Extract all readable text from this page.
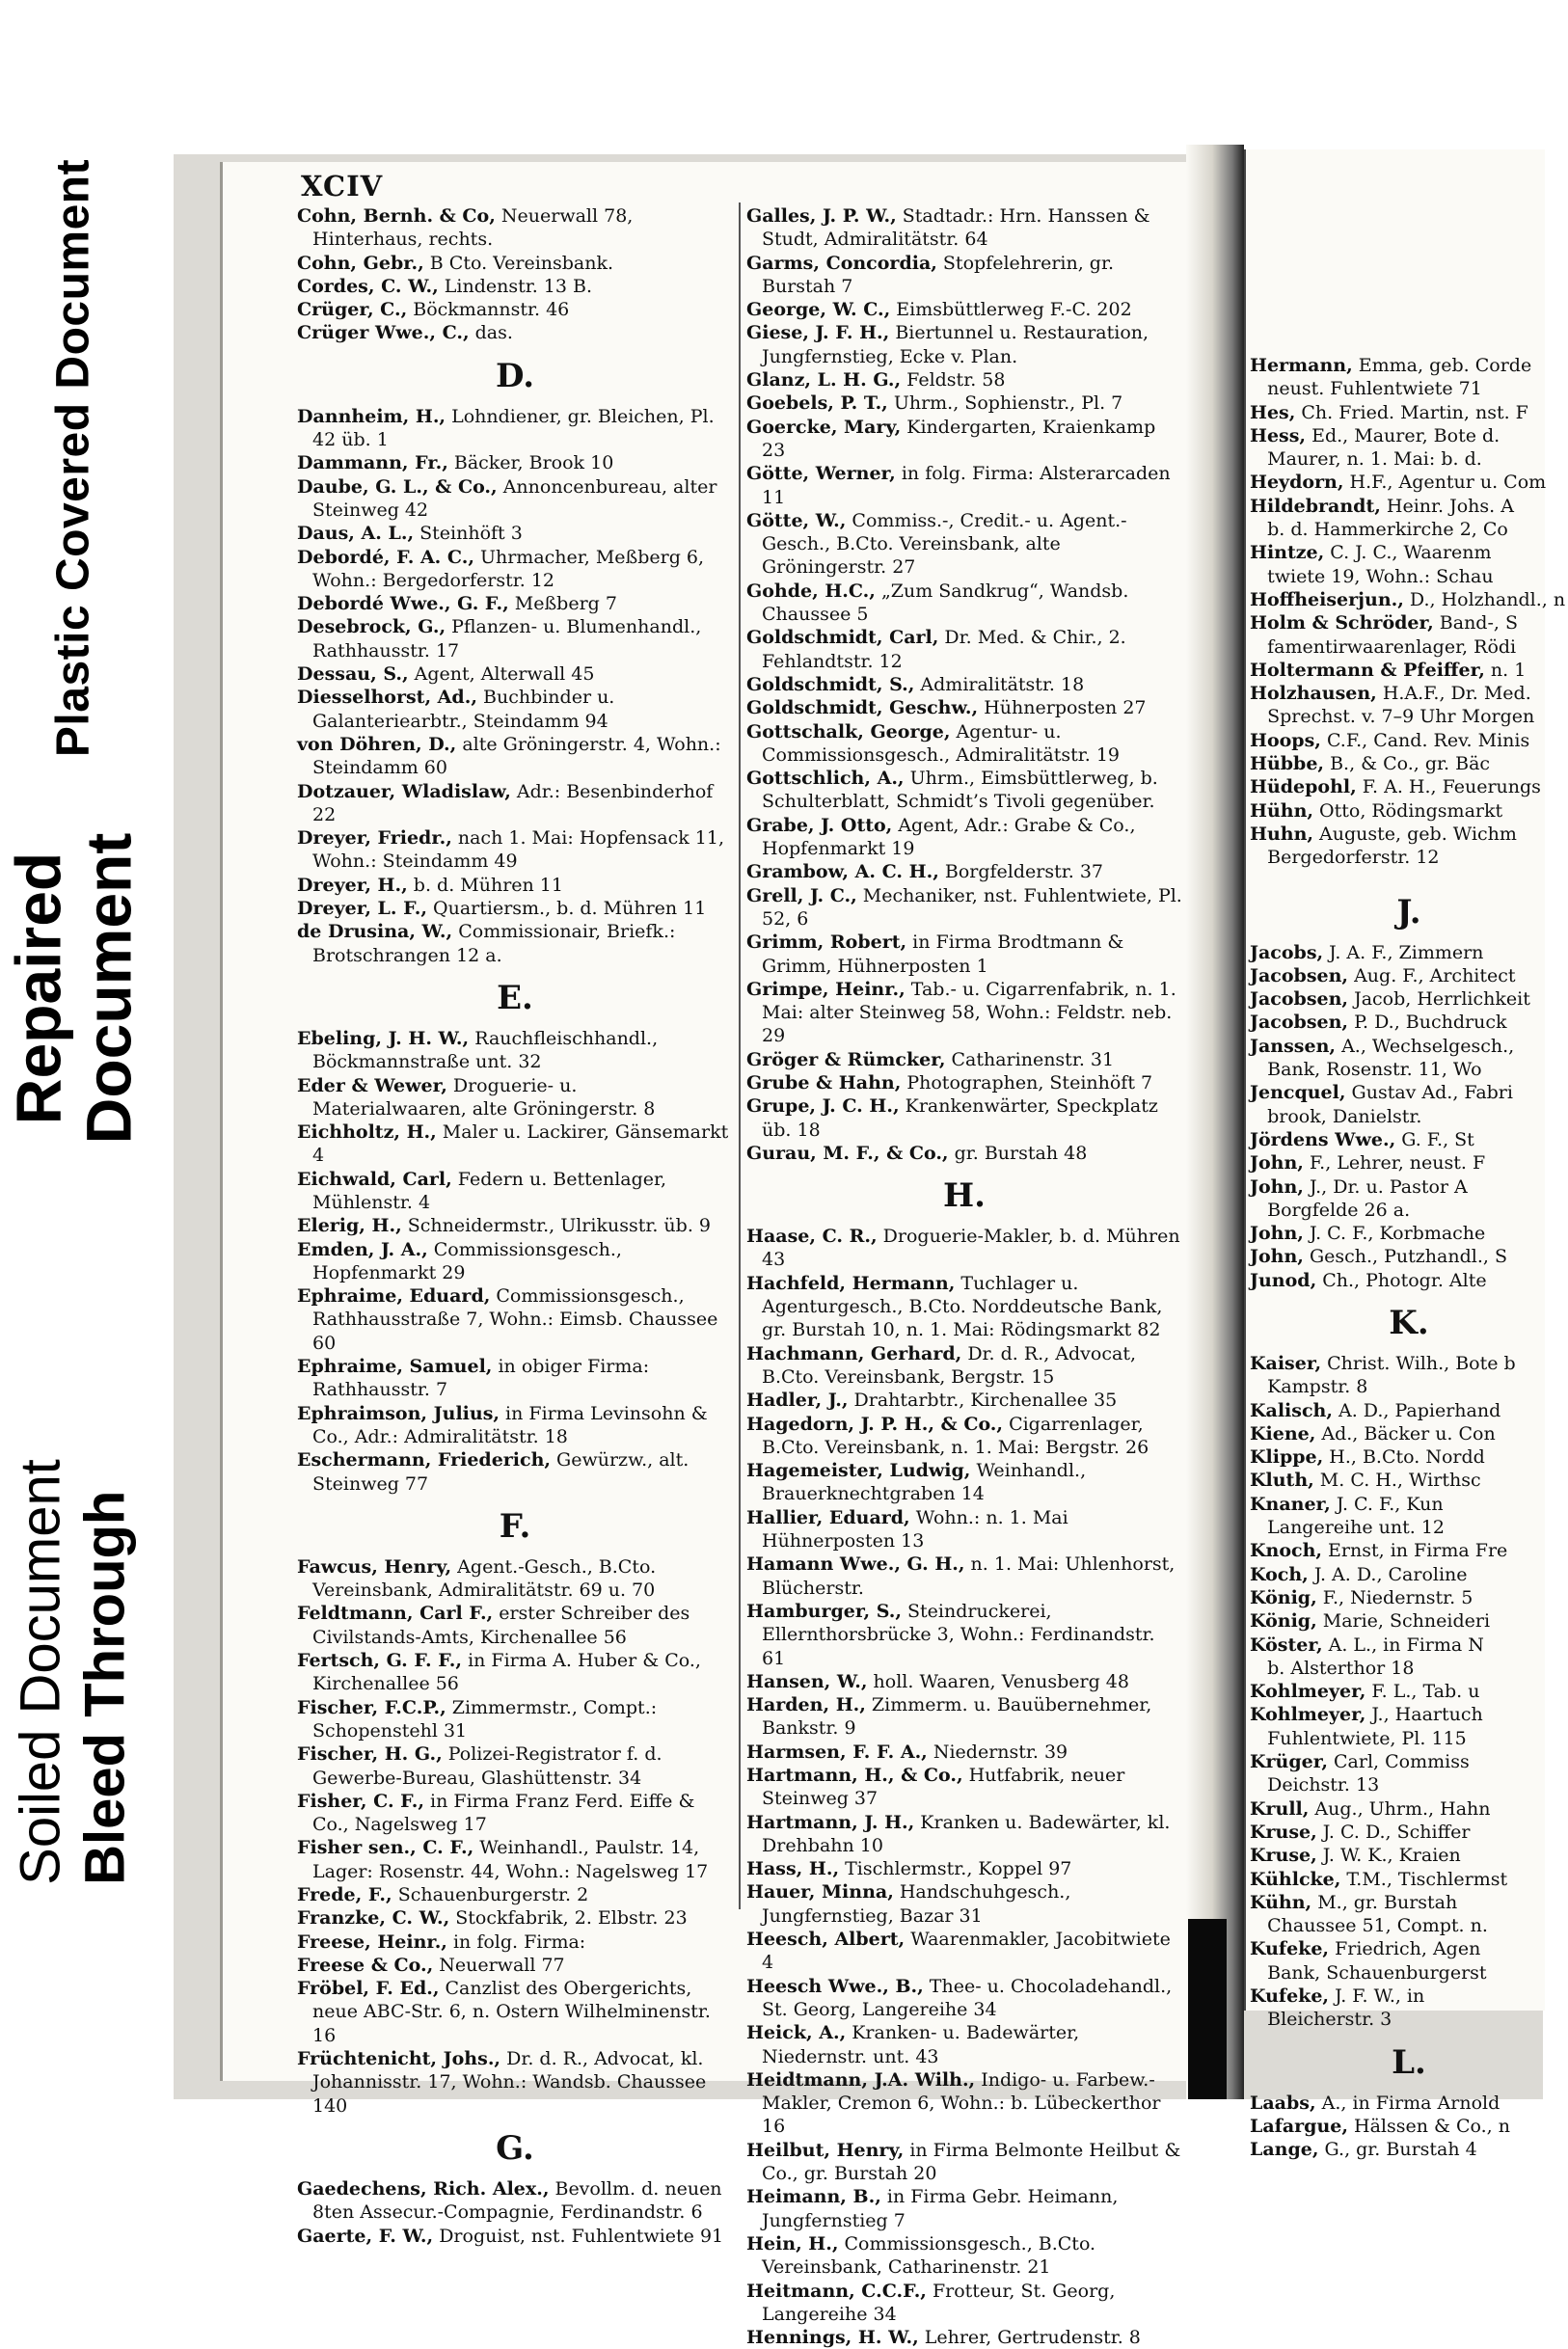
Plastic Covered Document
Repaired
Document
Soiled Document Bleed Through
Hermann, Emma, geb. Corde
neust. Fuhlentwiete 71
Hes, Ch. Fried. Martin, nst. F
Hess, Ed., Maurer, Bote d.
Maurer, n. 1. Mai: b. d.
Heydorn, H.F., Agentur u. Com
Hildebrandt, Heinr. Johs. A
b. d. Hammerkirche 2, Co
Hintze, C. J. C., Waarenm
twiete 19, Wohn.: Schau
Hoffheiserjun., D., Holzhandl., n
Holm & Schröder, Band-, S
famentirwaarenlager, Rödi
Holtermann & Pfeiffer, n. 1
Holzhausen, H.A.F., Dr. Med.
Sprechst. v. 7–9 Uhr Morgen
Hoops, C.F., Cand. Rev. Minis
Hübbe, B., & Co., gr. Bäc
Hüdepohl, F. A. H., Feuerungs
Hühn, Otto, Rödingsmarkt
Huhn, Auguste, geb. Wichm
Bergedorferstr. 12
J.
Jacobs, J. A. F., Zimmern
Jacobsen, Aug. F., Architect
Jacobsen, Jacob, Herrlichkeit
Jacobsen, P. D., Buchdruck
Janssen, A., Wechselgesch.,
Bank, Rosenstr. 11, Wo
Jencquel, Gustav Ad., Fabri
brook, Danielstr.
Jördens Wwe., G. F., St
John, F., Lehrer, neust. F
John, J., Dr. u. Pastor A
Borgfelde 26 a.
John, J. C. F., Korbmache
John, Gesch., Putzhandl., S
Junod, Ch., Photogr. Alte
K.
Kaiser, Christ. Wilh., Bote b
Kampstr. 8
Kalisch, A. D., Papierhand
Kiene, Ad., Bäcker u. Con
Klippe, H., B.Cto. Nordd
Kluth, M. C. H., Wirthsc
Knaner, J. C. F., Kun
Langereihe unt. 12
Knoch, Ernst, in Firma Fre
Koch, J. A. D., Caroline
König, F., Niedernstr. 5
König, Marie, Schneideri
Köster, A. L., in Firma N
b. Alsterthor 18
Kohlmeyer, F. L., Tab. u
Kohlmeyer, J., Haartuch
Fuhlentwiete, Pl. 115
Krüger, Carl, Commiss
Deichstr. 13
Krull, Aug., Uhrm., Hahn
Kruse, J. C. D., Schiffer
Kruse, J. W. K., Kraien
Kühlcke, T.M., Tischlermst
Kühn, M., gr. Burstah
Chaussee 51, Compt. n.
Kufeke, Friedrich, Agen
Bank, Schauenburgerst
Kufeke, J. F. W., in
Bleicherstr. 3
L.
Laabs, A., in Firma Arnold
Lafargue, Hälssen & Co., n
Lange, G., gr. Burstah 4
XCIV

Cohn, Bernh. & Co, Neuerwall 78, Hinterhaus, rechts.

Cohn, Gebr., B Cto. Vereinsbank.

Cordes, C. W., Lindenstr. 13 B.

Crüger, C., Böckmannstr. 46

Crüger Wwe., C., das.

D.

Dannheim, H., Lohndiener, gr. Bleichen, Pl. 42 üb. 1

Dammann, Fr., Bäcker, Brook 10

Daube, G. L., & Co., Annoncenbureau, alter Steinweg 42

Daus, A. L., Steinhöft 3

Debordé, F. A. C., Uhrmacher, Meßberg 6, Wohn.: Bergedorferstr. 12

Debordé Wwe., G. F., Meßberg 7

Desebrock, G., Pflanzen- u. Blumenhandl., Rathhausstr. 17

Dessau, S., Agent, Alterwall 45

Diesselhorst, Ad., Buchbinder u. Galanteriearbtr., Steindamm 94

von Döhren, D., alte Gröningerstr. 4, Wohn.: Steindamm 60

Dotzauer, Wladislaw, Adr.: Besenbinderhof 22

Dreyer, Friedr., nach 1. Mai: Hopfensack 11, Wohn.: Steindamm 49

Dreyer, H., b. d. Mühren 11

Dreyer, L. F., Quartiersm., b. d. Mühren 11

de Drusina, W., Commissionair, Briefk.: Brotschrangen 12 a.

E.

Ebeling, J. H. W., Rauchfleischhandl., Böckmannstraße unt. 32

Eder & Wewer, Droguerie- u. Materialwaaren, alte Gröningerstr. 8

Eichholtz, H., Maler u. Lackirer, Gänsemarkt 4

Eichwald, Carl, Federn u. Bettenlager, Mühlenstr. 4

Elerig, H., Schneidermstr., Ulrikusstr. üb. 9

Emden, J. A., Commissionsgesch., Hopfenmarkt 29

Ephraime, Eduard, Commissionsgesch., Rathhausstraße 7, Wohn.: Eimsb. Chaussee 60

Ephraime, Samuel, in obiger Firma: Rathhausstr. 7

Ephraimson, Julius, in Firma Levinsohn & Co., Adr.: Admiralitätstr. 18

Eschermann, Friederich, Gewürzw., alt. Steinweg 77

F.

Fawcus, Henry, Agent.-Gesch., B.Cto. Vereinsbank, Admiralitätstr. 69 u. 70

Feldtmann, Carl F., erster Schreiber des Civilstands-Amts, Kirchenallee 56

Fertsch, G. F. F., in Firma A. Huber & Co., Kirchenallee 56

Fischer, F.C.P., Zimmermstr., Compt.: Schopenstehl 31

Fischer, H. G., Polizei-Registrator f. d. Gewerbe-Bureau, Glashüttenstr. 34

Fisher, C. F., in Firma Franz Ferd. Eiffe & Co., Nagelsweg 17

Fisher sen., C. F., Weinhandl., Paulstr. 14, Lager: Rosenstr. 44, Wohn.: Nagelsweg 17

Frede, F., Schauenburgerstr. 2

Franzke, C. W., Stockfabrik, 2. Elbstr. 23

Freese, Heinr., in folg. Firma:

Freese & Co., Neuerwall 77

Fröbel, F. Ed., Canzlist des Obergerichts, neue ABC-Str. 6, n. Ostern Wilhelminenstr. 16

Früchtenicht, Johs., Dr. d. R., Advocat, kl. Johannisstr. 17, Wohn.: Wandsb. Chaussee 140

G.

Gaedechens, Rich. Alex., Bevollm. d. neuen 8ten Assecur.-Compagnie, Ferdinandstr. 6

Gaerte, F. W., Droguist, nst. Fuhlentwiete 91

Galles, J. P. W., Stadtadr.: Hrn. Hanssen & Studt, Admiralitätstr. 64

Garms, Concordia, Stopfelehrerin, gr. Burstah 7

George, W. C., Eimsbüttlerweg F.-C. 202

Giese, J. F. H., Biertunnel u. Restauration, Jungfernstieg, Ecke v. Plan.

Glanz, L. H. G., Feldstr. 58

Goebels, P. T., Uhrm., Sophienstr., Pl. 7

Goercke, Mary, Kindergarten, Kraienkamp 23

Götte, Werner, in folg. Firma: Alsterarcaden 11

Götte, W., Commiss.-, Credit.- u. Agent.-Gesch., B.Cto. Vereinsbank, alte Gröningerstr. 27

Gohde, H.C., „Zum Sandkrug“, Wandsb. Chaussee 5

Goldschmidt, Carl, Dr. Med. & Chir., 2. Fehlandtstr. 12

Goldschmidt, S., Admiralitätstr. 18

Goldschmidt, Geschw., Hühnerposten 27

Gottschalk, George, Agentur- u. Commissionsgesch., Admiralitätstr. 19

Gottschlich, A., Uhrm., Eimsbüttlerweg, b. Schulterblatt, Schmidt’s Tivoli gegenüber.

Grabe, J. Otto, Agent, Adr.: Grabe & Co., Hopfenmarkt 19

Grambow, A. C. H., Borgfelderstr. 37

Grell, J. C., Mechaniker, nst. Fuhlentwiete, Pl. 52, 6

Grimm, Robert, in Firma Brodtmann & Grimm, Hühnerposten 1

Grimpe, Heinr., Tab.- u. Cigarrenfabrik, n. 1. Mai: alter Steinweg 58, Wohn.: Feldstr. neb. 29

Gröger & Rümcker, Catharinenstr. 31

Grube & Hahn, Photographen, Steinhöft 7

Grupe, J. C. H., Krankenwärter, Speckplatz üb. 18

Gurau, M. F., & Co., gr. Burstah 48

H.

Haase, C. R., Droguerie-Makler, b. d. Mühren 43

Hachfeld, Hermann, Tuchlager u. Agenturgesch., B.Cto. Norddeutsche Bank, gr. Burstah 10, n. 1. Mai: Rödingsmarkt 82

Hachmann, Gerhard, Dr. d. R., Advocat, B.Cto. Vereinsbank, Bergstr. 15

Hadler, J., Drahtarbtr., Kirchenallee 35

Hagedorn, J. P. H., & Co., Cigarrenlager, B.Cto. Vereinsbank, n. 1. Mai: Bergstr. 26

Hagemeister, Ludwig, Weinhandl., Brauerknechtgraben 14

Hallier, Eduard, Wohn.: n. 1. Mai Hühnerposten 13

Hamann Wwe., G. H., n. 1. Mai: Uhlenhorst, Blücherstr.

Hamburger, S., Steindruckerei, Ellernthorsbrücke 3, Wohn.: Ferdinandstr. 61

Hansen, W., holl. Waaren, Venusberg 48

Harden, H., Zimmerm. u. Bauübernehmer, Bankstr. 9

Harmsen, F. F. A., Niedernstr. 39

Hartmann, H., & Co., Hutfabrik, neuer Steinweg 37

Hartmann, J. H., Kranken u. Badewärter, kl. Drehbahn 10

Hass, H., Tischlermstr., Koppel 97

Hauer, Minna, Handschuhgesch., Jungfernstieg, Bazar 31

Heesch, Albert, Waarenmakler, Jacobitwiete 4

Heesch Wwe., B., Thee- u. Chocoladehandl., St. Georg, Langereihe 34

Heick, A., Kranken- u. Badewärter, Niedernstr. unt. 43

Heidtmann, J.A. Wilh., Indigo- u. Farbew.-Makler, Cremon 6, Wohn.: b. Lübeckerthor 16

Heilbut, Henry, in Firma Belmonte Heilbut & Co., gr. Burstah 20

Heimann, B., in Firma Gebr. Heimann, Jungfernstieg 7

Hein, H., Commissionsgesch., B.Cto. Vereinsbank, Catharinenstr. 21

Heitmann, C.C.F., Frotteur, St. Georg, Langereihe 34

Hennings, H. W., Lehrer, Gertrudenstr. 8
